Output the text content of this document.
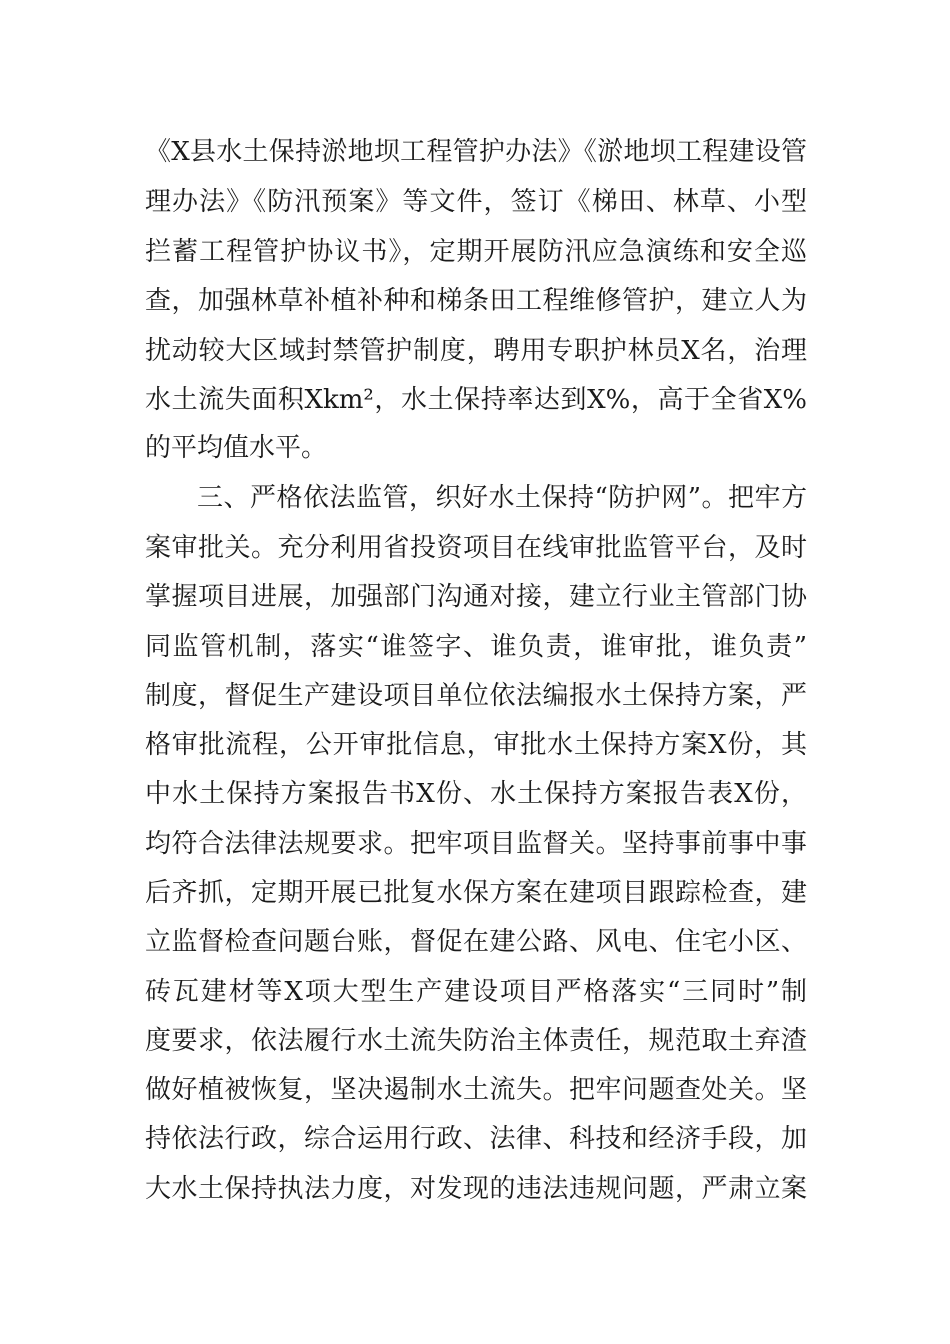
《X县水土保持淤地坝工程管护办法》《淤地坝工程建设管
理办法》《防汛预案》等文件，签订《梯田、林草、小型
拦蓄工程管护协议书》，定期开展防汛应急演练和安全巡
查，加强林草补植补种和梯条田工程维修管护，建立人为
扰动较大区域封禁管护制度，聘用专职护林员X名，治理
水土流失面积Xkm²，水土保持率达到X%，高于全省X%
的平均值水平。
三、严格依法监管，织好水土保持“防护网”。把牢方
案审批关。充分利用省投资项目在线审批监管平台，及时
掌握项目进展，加强部门沟通对接，建立行业主管部门协
同监管机制，落实“谁签字、谁负责，谁审批，谁负责”
制度，督促生产建设项目单位依法编报水土保持方案，严
格审批流程，公开审批信息，审批水土保持方案X份，其
中水土保持方案报告书X份、水土保持方案报告表X份，
均符合法律法规要求。把牢项目监督关。坚持事前事中事
后齐抓，定期开展已批复水保方案在建项目跟踪检查，建
立监督检查问题台账，督促在建公路、风电、住宅小区、
砖瓦建材等X项大型生产建设项目严格落实“三同时”制
度要求，依法履行水土流失防治主体责任，规范取土弃渣
做好植被恢复，坚决遏制水土流失。把牢问题查处关。坚
持依法行政，综合运用行政、法律、科技和经济手段，加
大水土保持执法力度，对发现的违法违规问题，严肃立案
